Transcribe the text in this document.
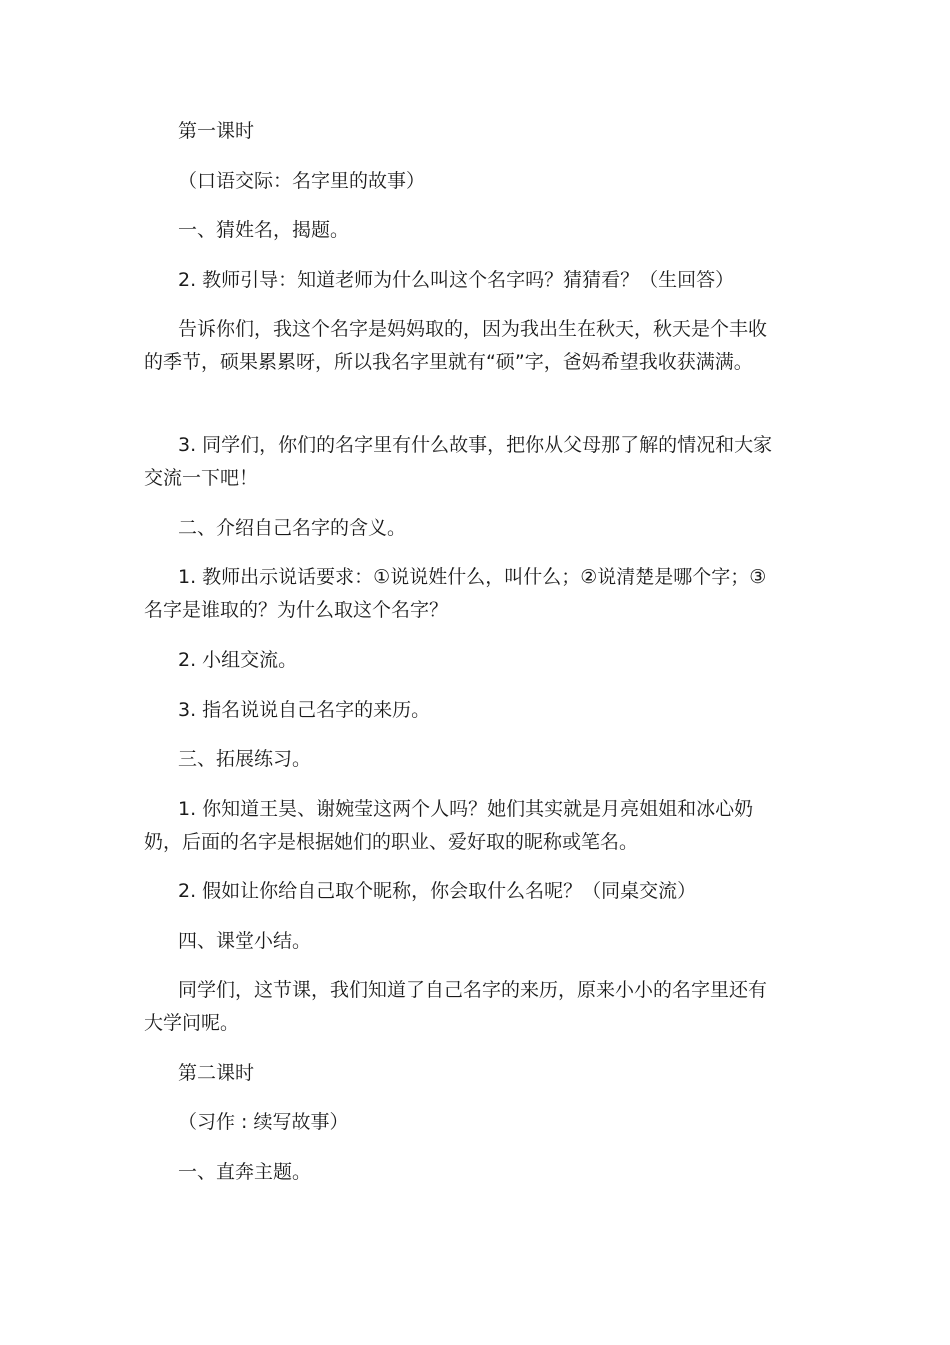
第一课时

（口语交际：名字里的故事）

一、猜姓名，揭题。

2. 教师引导：知道老师为什么叫这个名字吗？猜猜看？（生回答）

告诉你们，我这个名字是妈妈取的，因为我出生在秋天，秋天是个丰收的季节，硕果累累呀，所以我名字里就有“硕”字，爸妈希望我收获满满。

3. 同学们，你们的名字里有什么故事，把你从父母那了解的情况和大家交流一下吧！

二、介绍自己名字的含义。

1. 教师出示说话要求：①说说姓什么，叫什么；②说清楚是哪个字；③名字是谁取的？为什么取这个名字？

2. 小组交流。

3. 指名说说自己名字的来历。

三、拓展练习。

1. 你知道王昊、谢婉莹这两个人吗？她们其实就是月亮姐姐和冰心奶奶，后面的名字是根据她们的职业、爱好取的昵称或笔名。

2. 假如让你给自己取个昵称，你会取什么名呢？（同桌交流）

四、课堂小结。

同学们，这节课，我们知道了自己名字的来历，原来小小的名字里还有大学问呢。

第二课时

（习作 : 续写故事）

一、直奔主题。
